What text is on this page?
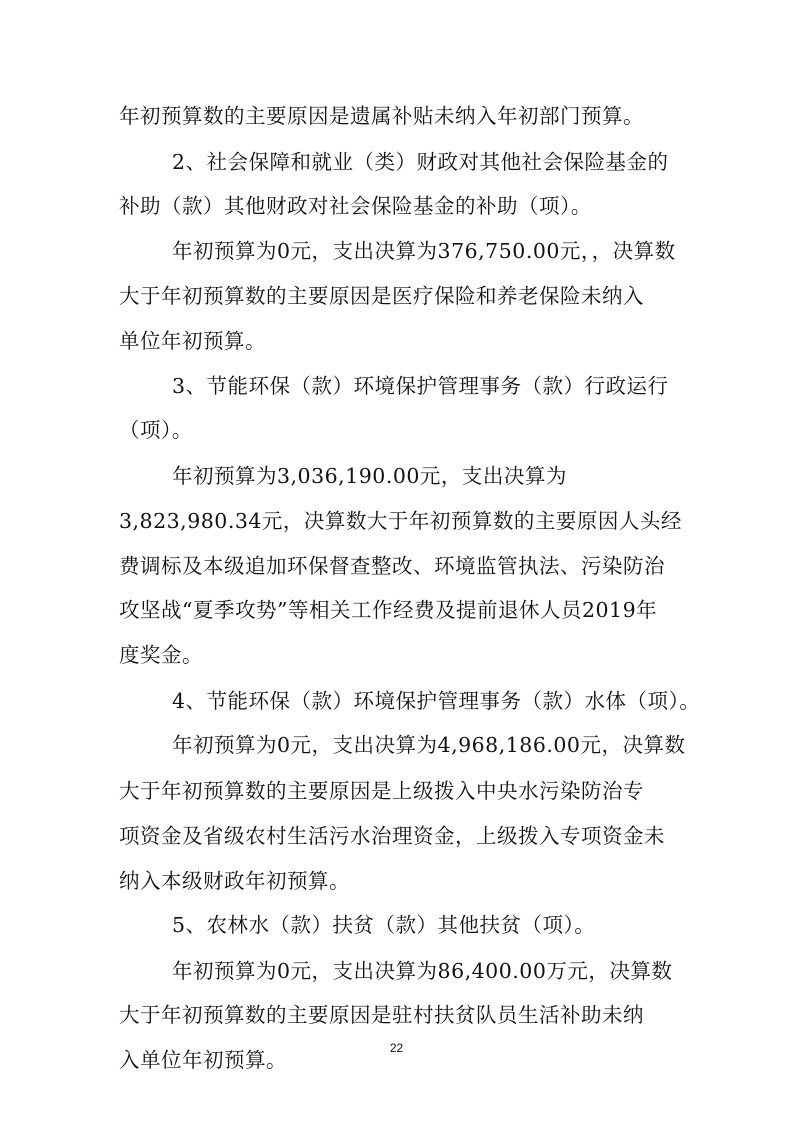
年初预算数的主要原因是遗属补贴未纳入年初部门预算。
2、社会保障和就业（类）财政对其他社会保险基金的
补助（款）其他财政对社会保险基金的补助（项）。
年初预算为0元，支出决算为376,750.00元，，决算数
大于年初预算数的主要原因是医疗保险和养老保险未纳入
单位年初预算。
3、节能环保（款）环境保护管理事务（款）行政运行
（项）。
年初预算为3,036,190.00元，支出决算为
3,823,980.34元，决算数大于年初预算数的主要原因人头经
费调标及本级追加环保督查整改、环境监管执法、污染防治
攻坚战“夏季攻势”等相关工作经费及提前退休人员2019年
度奖金。
4、节能环保（款）环境保护管理事务（款）水体（项）。
年初预算为0元，支出决算为4,968,186.00元，决算数
大于年初预算数的主要原因是上级拨入中央水污染防治专
项资金及省级农村生活污水治理资金，上级拨入专项资金未
纳入本级财政年初预算。
5、农林水（款）扶贫（款）其他扶贫（项）。
年初预算为0元，支出决算为86,400.00万元，决算数
大于年初预算数的主要原因是驻村扶贫队员生活补助未纳
入单位年初预算。	22
